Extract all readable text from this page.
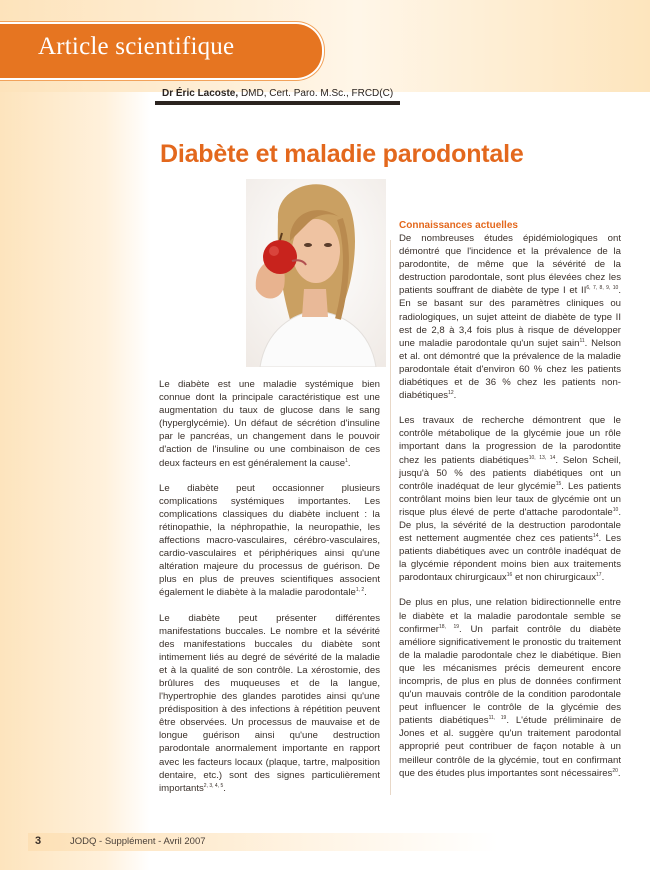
Article scientifique
Dr Éric Lacoste, DMD, Cert. Paro. M.Sc., FRCD(C)
Diabète et maladie parodontale

Le diabète est une maladie systémique bien connue dont la principale caractéristique est une augmentation du taux de glucose dans le sang (hyperglycémie). Un défaut de sécrétion d'insuline par le pancréas, un changement dans le pouvoir d'action de l'insuline ou une combinaison de ces deux facteurs en est généralement la cause$^1$.

Le diabète peut occasionner plusieurs complications systémiques importantes. Les complications classiques du diabète incluent : la rétinopathie, la néphropathie, la neuropathie, les affections macro-vasculaires, cérébro-vasculaires, cardio-vasculaires et périphériques ainsi qu'une altération majeure du processus de guérison. De plus en plus de preuves scientifiques associent également le diabète à la maladie parodontale$^{1, 2}$.

Le diabète peut présenter différentes manifestations buccales. Le nombre et la sévérité des manifestations buccales du diabète sont intimement liés au degré de sévérité de la maladie et à la qualité de son contrôle. La xérostomie, des brûlures des muqueuses et de la langue, l'hypertrophie des glandes parotides ainsi qu'une prédisposition à des infections à répétition peuvent être observées. Un processus de mauvaise et de longue guérison ainsi qu'une destruction parodontale anormalement importante en rapport avec les facteurs locaux (plaque, tartre, malposition dentaire, etc.) sont des signes particulièrement importants$^{2, 3, 4, 5}$.

Connaissances actuelles

De nombreuses études épidémiologiques ont démontré que l'incidence et la prévalence de la parodontite, de même que la sévérité de la destruction parodontale, sont plus élevées chez les patients souffrant de diabète de type I et II$^{6, 7, 8, 9, 10}$. En se basant sur des paramètres cliniques ou radiologiques, un sujet atteint de diabète de type II est de 2,8 à 3,4 fois plus à risque de développer une maladie parodontale qu'un sujet sain$^{11}$. Nelson et al. ont démontré que la prévalence de la maladie parodontale était d'environ 60 % chez les patients diabétiques et de 36 % chez les patients non-diabétiques$^{12}$.

Les travaux de recherche démontrent que le contrôle métabolique de la glycémie joue un rôle important dans la progression de la parodontite chez les patients diabétiques$^{10, 13, 14}$. Selon Scheil, jusqu'à 50 % des patients diabétiques ont un contrôle inadéquat de leur glycémie$^{15}$. Les patients contrôlant moins bien leur taux de glycémie ont un risque plus élevé de perte d'attache parodontale$^{10}$. De plus, la sévérité de la destruction parodontale est nettement augmentée chez ces patients$^{14}$. Les patients diabétiques avec un contrôle inadéquat de la glycémie répondent moins bien aux traitements parodontaux chirurgicaux$^{16}$ et non chirurgicaux$^{17}$.

De plus en plus, une relation bidirectionnelle entre le diabète et la maladie parodontale semble se confirmer$^{18, 19}$. Un parfait contrôle du diabète améliore significativement le pronostic du traitement de la maladie parodontale chez le diabétique. Bien que les mécanismes précis demeurent encore incompris, de plus en plus de données confirment qu'un mauvais contrôle de la condition parodontale peut influencer le contrôle de la glycémie des patients diabétiques$^{11, 19}$. L'étude préliminaire de Jones et al. suggère qu'un traitement parodontal approprié peut contribuer de façon notable à un meilleur contrôle de la glycémie, tout en confirmant que des études plus importantes sont nécessaires$^{20}$.

3	JODQ - Supplément - Avril 2007
